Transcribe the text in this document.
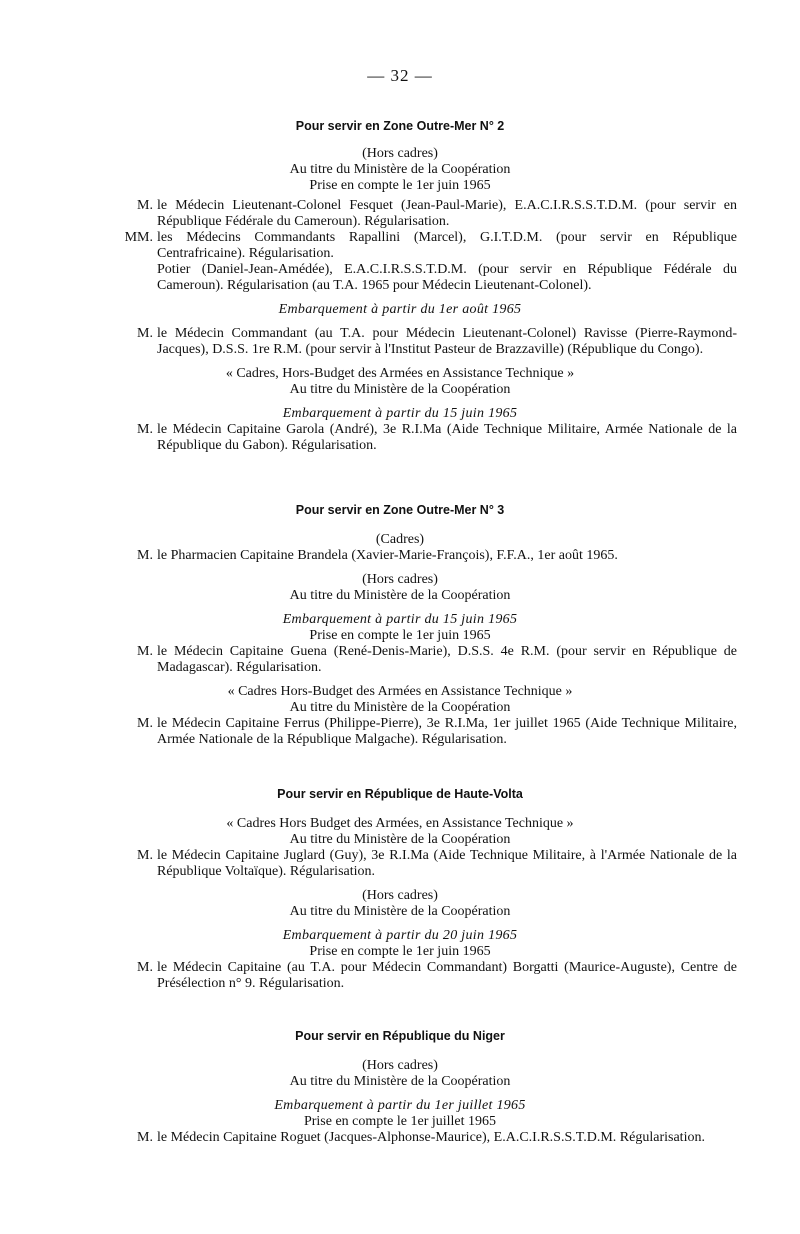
— 32 —

Pour servir en Zone Outre-Mer N° 2

(Hors cadres)

Au titre du Ministère de la Coopération

Prise en compte le 1er juin 1965

M. le Médecin Lieutenant-Colonel Fesquet (Jean-Paul-Marie), E.A.C.I.R.S.S.T.D.M. (pour servir en République Fédérale du Cameroun). Régularisation.
MM. les Médecins Commandants Rapallini (Marcel), G.I.T.D.M. (pour servir en République Centrafricaine). Régularisation.
Potier (Daniel-Jean-Amédée), E.A.C.I.R.S.S.T.D.M. (pour servir en République Fédérale du Cameroun). Régularisation (au T.A. 1965 pour Médecin Lieutenant-Colonel).

Embarquement à partir du 1er août 1965

M. le Médecin Commandant (au T.A. pour Médecin Lieutenant-Colonel) Ravisse (Pierre-Raymond-Jacques), D.S.S. 1re R.M. (pour servir à l'Institut Pasteur de Brazzaville) (République du Congo).

« Cadres, Hors-Budget des Armées en Assistance Technique »

Au titre du Ministère de la Coopération

Embarquement à partir du 15 juin 1965

M. le Médecin Capitaine Garola (André), 3e R.I.Ma (Aide Technique Militaire, Armée Nationale de la République du Gabon). Régularisation.

Pour servir en Zone Outre-Mer N° 3

(Cadres)

M. le Pharmacien Capitaine Brandela (Xavier-Marie-François), F.F.A., 1er août 1965.

(Hors cadres)

Au titre du Ministère de la Coopération

Embarquement à partir du 15 juin 1965

Prise en compte le 1er juin 1965

M. le Médecin Capitaine Guena (René-Denis-Marie), D.S.S. 4e R.M. (pour servir en République de Madagascar). Régularisation.

« Cadres Hors-Budget des Armées en Assistance Technique »

Au titre du Ministère de la Coopération

M. le Médecin Capitaine Ferrus (Philippe-Pierre), 3e R.I.Ma, 1er juillet 1965 (Aide Technique Militaire, Armée Nationale de la République Malgache). Régularisation.

Pour servir en République de Haute-Volta

« Cadres Hors Budget des Armées, en Assistance Technique »

Au titre du Ministère de la Coopération

M. le Médecin Capitaine Juglard (Guy), 3e R.I.Ma (Aide Technique Militaire, à l'Armée Nationale de la République Voltaïque). Régularisation.

(Hors cadres)

Au titre du Ministère de la Coopération

Embarquement à partir du 20 juin 1965

Prise en compte le 1er juin 1965

M. le Médecin Capitaine (au T.A. pour Médecin Commandant) Borgatti (Maurice-Auguste), Centre de Présélection n° 9. Régularisation.

Pour servir en République du Niger

(Hors cadres)

Au titre du Ministère de la Coopération

Embarquement à partir du 1er juillet 1965

Prise en compte le 1er juillet 1965

M. le Médecin Capitaine Roguet (Jacques-Alphonse-Maurice), E.A.C.I.R.S.S.T.D.M. Régularisation.
